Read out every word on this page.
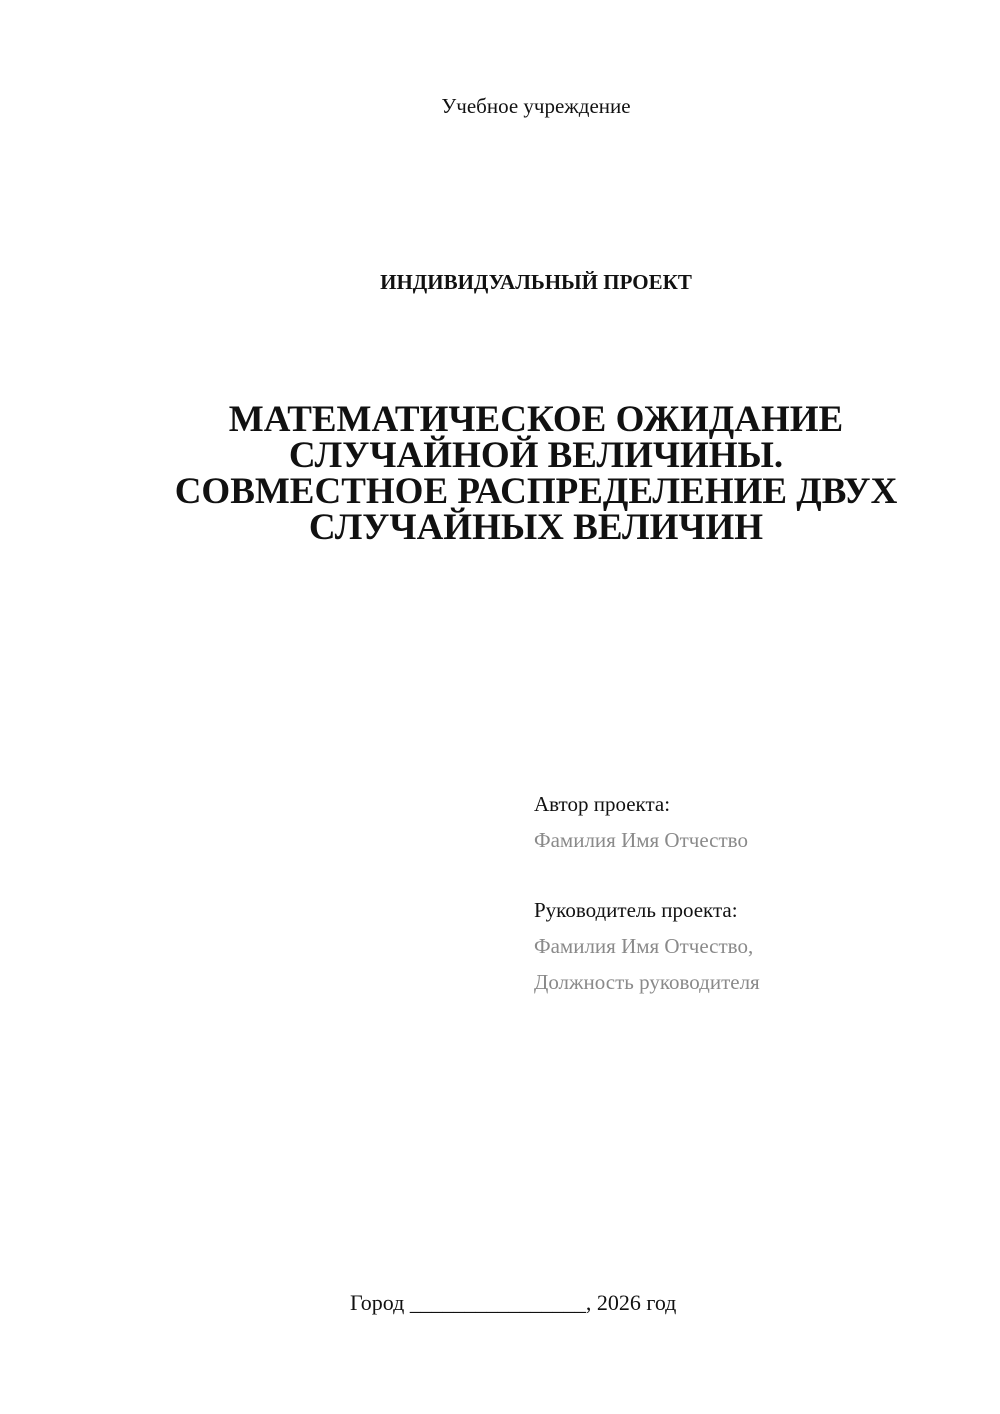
Учебное учреждение
ИНДИВИДУАЛЬНЫЙ ПРОЕКТ
МАТЕМАТИЧЕСКОЕ ОЖИДАНИЕ
СЛУЧАЙНОЙ ВЕЛИЧИНЫ.
СОВМЕСТНОЕ РАСПРЕДЕЛЕНИЕ ДВУХ
СЛУЧАЙНЫХ ВЕЛИЧИН
Автор проекта:
Фамилия Имя Отчество
Руководитель проекта:
Фамилия Имя Отчество,
Должность руководителя
Город ________________, 2026 год
